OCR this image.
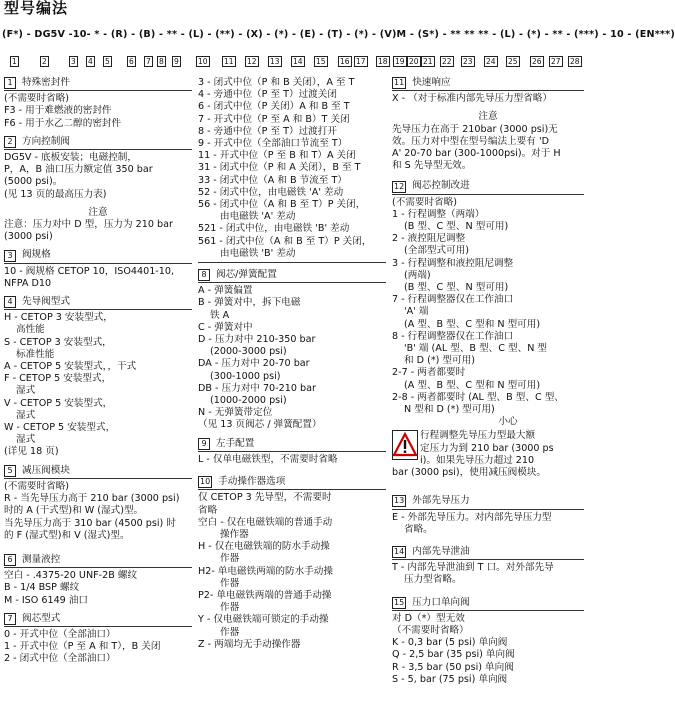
型号编法
(F*) - DG5V -10- * - (R) - (B) - ** - (L) - (**) - (X) - (*) - (E) - (T) - (*) - (V)M - (S*) - ** ** ** - (L) - (*) - ** - (***) - 10 - (EN***)
1	2	3 4 5	6 7 8 9	10 11 12 13 14 15 16 17 18 19 20 21 22 23 24 25 26 27 28
1 特殊密封件
(不需要时省略)
F3 - 用于难燃液的密封件
F6 - 用于水乙二醇的密封件
2 方向控制阀
DG5V - 底板安装；电磁控制，
P，A，B 油口压力额定值 350 bar
(5000 psi)。
(见 13 页的最高压力表)
注意
注意：压力对中 D 型，压力为 210 bar
(3000 psi)
3 阀规格
10 - 阀规格 CETOP 10，ISO4401-10,
NFPA D10
4 先导阀型式
H - CETOP 3 安装型式，
高性能
S - CETOP 3 安装型式，
标准性能
A - CETOP 5 安装型式，，干式
F - CETOP 5 安装型式，
湿式
V - CETOP 5 安装型式，
湿式
W - CETOP 5 安装型式，
湿式
(详见 18 页)
5 减压阀模块
(不需要时省略)
R - 当先导压力高于 210 bar (3000 psi)
时的 A (干式型)和 W (湿式)型。
当先导压力高于 310 bar (4500 psi) 时
的 F (湿式型)和 V (湿式)型。
6 测量液控
空白 - .4375-20 UNF-2B 螺纹
B - 1/4 BSP 螺纹
M - ISO 6149 油口
7 阀芯型式
0 - 开式中位（全部油口）
1 - 开式中位（P 至 A 和 T），B 关闭
2 - 闭式中位（全部油口）
3 - 闭式中位（P 和 B 关闭），A 至 T
4 - 旁通中位（P 至 T）过渡关闭
6 - 闭式中位（P 关闭）A 和 B 至 T
7 - 开式中位（P 至 A 和 B）T 关闭
8 - 旁通中位（P 至 T）过渡打开
9 - 开式中位（全部油口节流至 T）
11 - 开式中位（P 至 B 和 T）A 关闭
31 - 闭式中位（P 和 A 关闭），B 至 T
33 - 闭式中位（A 和 B 节流至 T）
52 - 闭式中位，由电磁铁 'A' 差动
56 - 闭式中位（A 和 B 至 T）P 关闭，
由电磁铁 'A' 差动
521 - 闭式中位，由电磁铁 'B' 差动
561 - 闭式中位（A 和 B 至 T）P 关闭，
由电磁铁 'B' 差动
8 阀芯/弹簧配置
A - 弹簧偏置
B - 弹簧对中，拆下电磁
铁 A
C - 弹簧对中
D - 压力对中 210-350 bar
(2000-3000 psi)
DA - 压力对中 20-70 bar
(300-1000 psi)
DB - 压力对中 70-210 bar
(1000-2000 psi)
N - 无弹簧带定位
（见 13 页阀芯 / 弹簧配置）
9 左手配置
L - 仅单电磁铁型，不需要时省略
10 手动操作器选项
仅 CETOP 3 先导型，不需要时
省略
空白 - 仅在电磁铁端的普通手动
操作器
H - 仅在电磁铁端的防水手动操
作器
H2- 单电磁铁两端的防水手动操
作器
P2- 单电磁铁两端的普通手动操
作器
Y - 仅电磁铁端可锁定的手动操
作器
Z - 两端均无手动操作器
11 快速响应
X - （对于标准内部先导压力型省略）
注意
先导压力在高于 210bar (3000 psi)无
效。压力对中型在型号编法上要有 'D
A' 20-70 bar (300-1000psi)。对于 H
和 S 先导型无效。
12 阀芯控制改进
(不需要时省略)
1 - 行程调整（两端）
(B 型、C 型、N 型可用)
2 - 液控阻尼调整
(全部型式可用)
3 - 行程调整和液控阻尼调整
(两端)
(B 型、C 型、N 型可用)
7 - 行程调整器仅在工作油口
'A' 端
(A 型、B 型、C 型和 N 型可用)
8 - 行程调整器仅在工作油口
'B' 端 (AL 型、B 型、C 型、N 型
和 D (*) 型可用)
2-7 - 两者都要时
(A 型、B 型、C 型和 N 型可用)
2-8 - 两者都要时 (AL 型、B 型、C 型、
N 型和 D (*) 型可用)
小心
行程调整先导压力型最大额
定压力为到 210 bar (3000 ps
i)。如果先导压力超过 210
bar (3000 psi)，使用减压阀模块。
13 外部先导压力
E - 外部先导压力。对内部先导压力型
省略。
14 内部先导泄油
T - 内部先导泄油到 T 口。对外部先导
压力型省略。
15 压力口单向阀
对 D（*）型无效
（不需要时省略）
K - 0,3 bar (5 psi) 单向阀
Q - 2,5 bar (35 psi) 单向阀
R - 3,5 bar (50 psi) 单向阀
S - 5, bar (75 psi) 单向阀
